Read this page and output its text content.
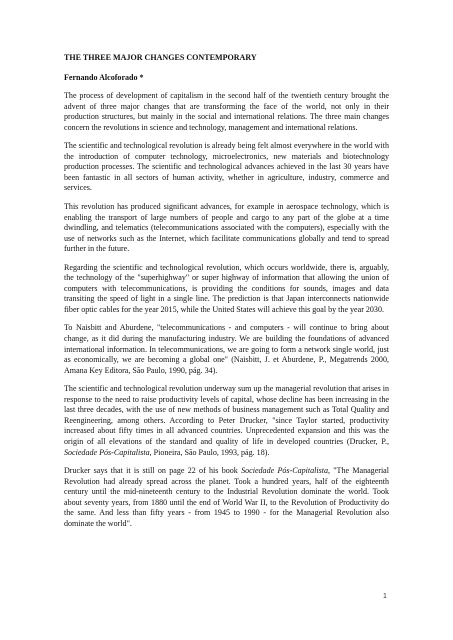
THE THREE MAJOR CHANGES CONTEMPORARY
Fernando Alcoforado *

The process of development of capitalism in the second half of the twentieth century brought the advent of three major changes that are transforming the face of the world, not only in their production structures, but mainly in the social and international relations. The three main changes concern the revolutions in science and technology, management and international relations.

The scientific and technological revolution is already being felt almost everywhere in the world with the introduction of computer technology, microelectronics, new materials and biotechnology production processes. The scientific and technological advances achieved in the last 30 years have been fantastic in all sectors of human activity, whether in agriculture, industry, commerce and services.

This revolution has produced significant advances, for example in aerospace technology, which is enabling the transport of large numbers of people and cargo to any part of the globe at a time dwindling, and telematics (telecommunications associated with the computers), especially with the use of networks such as the Internet, which facilitate communications globally and tend to spread further in the future.

Regarding the scientific and technological revolution, which occurs worldwide, there is, arguably, the technology of the "superhighway" or super highway of information that allowing the union of computers with telecommunications, is providing the conditions for sounds, images and data transiting the speed of light in a single line. The prediction is that Japan interconnects nationwide fiber optic cables for the year 2015, while the United States will achieve this goal by the year 2030.

To Naisbitt and Aburdene, "telecommunications - and computers - will continue to bring about change, as it did during the manufacturing industry. We are building the foundations of advanced international information. In telecommunications, we are going to form a network single world, just as economically, we are becoming a global one" (Naisbitt, J. et Aburdene, P., Megatrends 2000, Amana Key Editora, São Paulo, 1990, pág. 34).

The scientific and technological revolution underway sum up the managerial revolution that arises in response to the need to raise productivity levels of capital, whose decline has been increasing in the last three decades, with the use of new methods of business management such as Total Quality and Reengineering, among others. According to Peter Drucker, "since Taylor started, productivity increased about fifty times in all advanced countries. Unprecedented expansion and this was the origin of all elevations of the standard and quality of life in developed countries (Drucker, P., Sociedade Pós-Capitalista, Pioneira, São Paulo, 1993, pág. 18).

Drucker says that it is still on page 22 of his book Sociedade Pós-Capitalista, "The Managerial Revolution had already spread across the planet. Took a hundred years, half of the eighteenth century until the mid-nineteenth century to the Industrial Revolution dominate the world. Took about seventy years, from 1880 until the end of World War II, to the Revolution of Productivity do the same. And less than fifty years - from 1945 to 1990 - for the Managerial Revolution also dominate the world".

1
